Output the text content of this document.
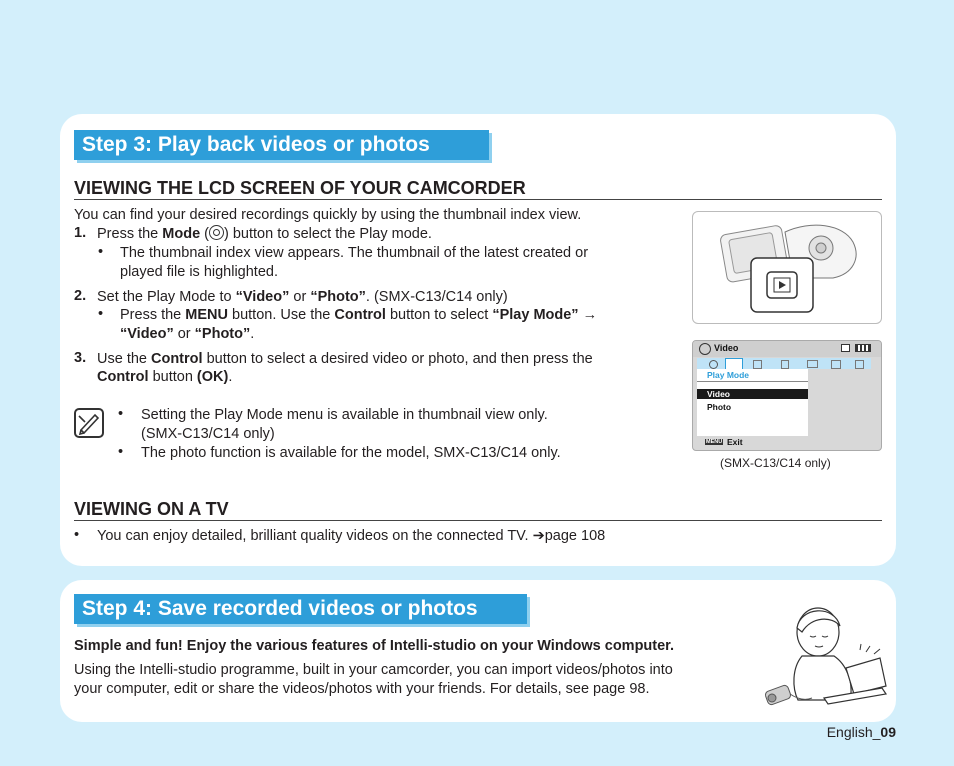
Step 3: Play back videos or photos
VIEWING THE LCD SCREEN OF YOUR CAMCORDER
You can find your desired recordings quickly by using the thumbnail index view.
1. Press the Mode ( ) button to select the Play mode.
• The thumbnail index view appears. The thumbnail of the latest created or
played file is highlighted.
2. Set the Play Mode to “Video” or “Photo”. (SMX-C13/C14 only)
• Press the MENU button. Use the Control button to select “Play Mode” →
“Video” or “Photo”.
3. Use the Control button to select a desired video or photo, and then press the
Control button (OK).
• Setting the Play Mode menu is available in thumbnail view only.
(SMX-C13/C14 only)
• The photo function is available for the model, SMX-C13/C14 only.
Video
Play Mode
Video
Photo
MENU Exit
(SMX-C13/C14 only)
VIEWING ON A TV
• You can enjoy detailed, brilliant quality videos on the connected TV. ➔page 108
Step 4: Save recorded videos or photos
Simple and fun! Enjoy the various features of Intelli-studio on your Windows computer.
Using the Intelli-studio programme, built in your camcorder, you can import videos/photos into
your computer, edit or share the videos/photos with your friends. For details, see page 98.
English_09
